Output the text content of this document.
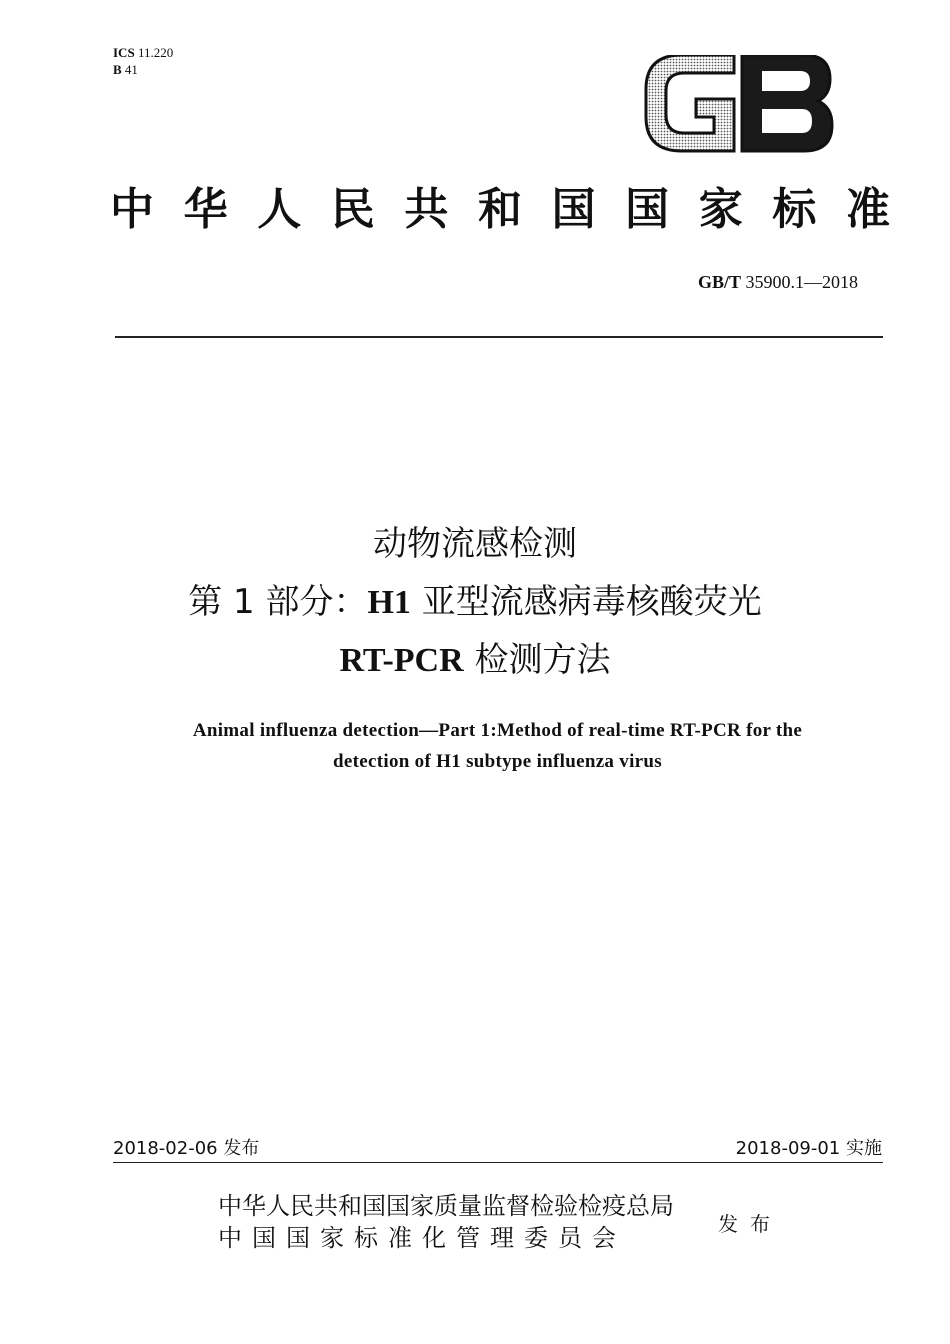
ICS 11.220
B 41
中 华 人 民 共 和 国 国 家 标 准
GB/T 35900.1—2018
动物流感检测
第 1 部分：H1 亚型流感病毒核酸荧光
RT-PCR 检测方法
Animal influenza detection—Part 1:Method of real-time RT-PCR for the
detection of H1 subtype influenza virus
2018-02-06 发布	2018-09-01 实施
中华人民共和国国家质量监督检验检疫总局
中国国家标准化管理委员会	发布
